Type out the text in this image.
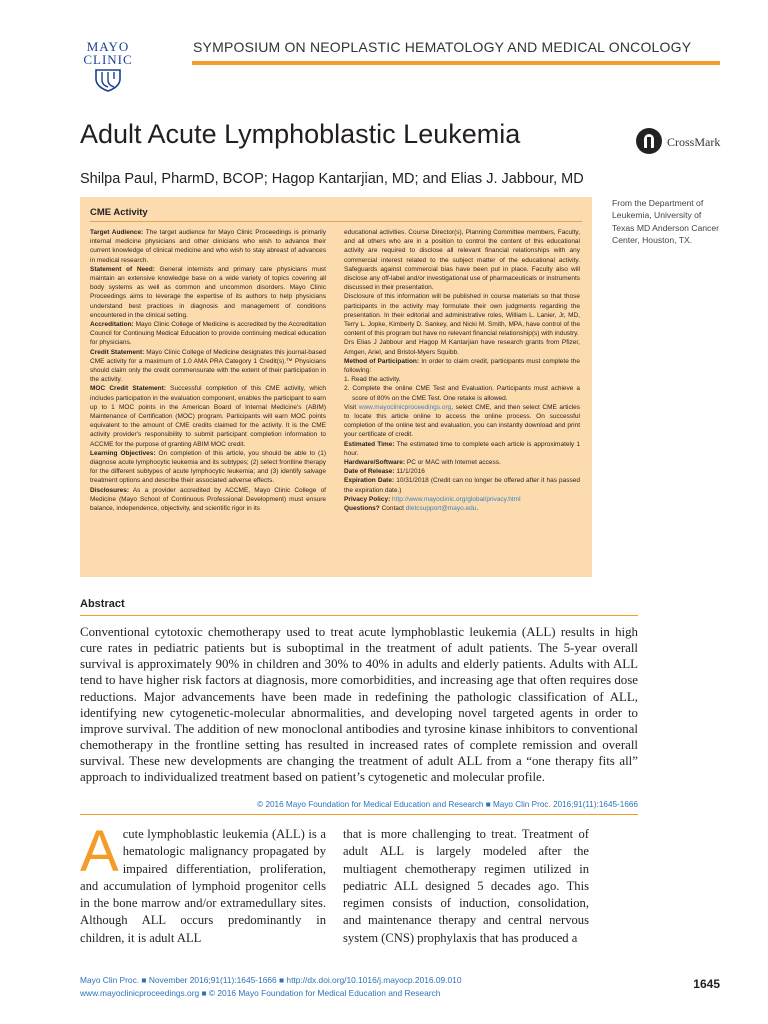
MAYO
CLINIC
SYMPOSIUM ON NEOPLASTIC HEMATOLOGY AND MEDICAL ONCOLOGY
Adult Acute Lymphoblastic Leukemia	CrossMark
Shilpa Paul, PharmD, BCOP; Hagop Kantarjian, MD; and Elias J. Jabbour, MD
From the Department of Leukemia, University of Texas MD Anderson Cancer Center, Houston, TX.
CME Activity

Target Audience: The target audience for Mayo Clinic Proceedings is primarily internal medicine physicians and other clinicians who wish to advance their current knowledge of clinical medicine and who wish to stay abreast of advances in medical research.

Statement of Need: General internists and primary care physicians must maintain an extensive knowledge base on a wide variety of topics covering all body systems as well as common and uncommon disorders. Mayo Clinic Proceedings aims to leverage the expertise of its authors to help physicians understand best practices in diagnosis and management of conditions encountered in the clinical setting.

Accreditation: Mayo Clinic College of Medicine is accredited by the Accreditation Council for Continuing Medical Education to provide continuing medical education for physicians.

Credit Statement: Mayo Clinic College of Medicine designates this journal-based CME activity for a maximum of 1.0 AMA PRA Category 1 Credit(s).™ Physicians should claim only the credit commensurate with the extent of their participation in the activity.

MOC Credit Statement: Successful completion of this CME activity, which includes participation in the evaluation component, enables the participant to earn up to 1 MOC points in the American Board of Internal Medicine's (ABIM) Maintenance of Certification (MOC) program. Participants will earn MOC points equivalent to the amount of CME credits claimed for the activity. It is the CME activity provider's responsibility to submit participant completion information to ACCME for the purpose of granting ABIM MOC credit.

Learning Objectives: On completion of this article, you should be able to (1) diagnose acute lymphocytic leukemia and its subtypes; (2) select frontline therapy for the different subtypes of acute lymphocytic leukemia; and (3) identify salvage treatment options and describe their associated adverse effects.

Disclosures: As a provider accredited by ACCME, Mayo Clinic College of Medicine (Mayo School of Continuous Professional Development) must ensure balance, independence, objectivity, and scientific rigor in its

educational activities. Course Director(s), Planning Committee members, Faculty, and all others who are in a position to control the content of this educational activity are required to disclose all relevant financial relationships with any commercial interest related to the subject matter of the educational activity. Safeguards against commercial bias have been put in place. Faculty also will disclose any off-label and/or investigational use of pharmaceuticals or instruments discussed in their presentation.

Disclosure of this information will be published in course materials so that those participants in the activity may formulate their own judgments regarding the presentation. In their editorial and administrative roles, William L. Lanier, Jr, MD, Terry L. Jopke, Kimberly D. Sankey, and Nicki M. Smith, MPA, have control of the content of this program but have no relevant financial relationship(s) with industry.

Drs Elias J Jabbour and Hagop M Kantarjian have research grants from Pfizer, Amgen, Ariel, and Bristol-Myers Squibb.

Method of Participation: In order to claim credit, participants must complete the following:

1. Read the activity.

2. Complete the online CME Test and Evaluation. Participants must achieve a score of 80% on the CME Test. One retake is allowed.

Visit www.mayoclinicproceedings.org, select CME, and then select CME articles to locate this article online to access the online process. On successful completion of the online test and evaluation, you can instantly download and print your certificate of credit.

Estimated Time: The estimated time to complete each article is approximately 1 hour.

Hardware/Software: PC or MAC with Internet access.

Date of Release: 11/1/2016

Expiration Date: 10/31/2018 (Credit can no longer be offered after it has passed the expiration date.)

Privacy Policy: http://www.mayoclinic.org/global/privacy.html

Questions? Contact dletcsupport@mayo.edu.

Abstract
Conventional cytotoxic chemotherapy used to treat acute lymphoblastic leukemia (ALL) results in high cure rates in pediatric patients but is suboptimal in the treatment of adult patients. The 5-year overall survival is approximately 90% in children and 30% to 40% in adults and elderly patients. Adults with ALL tend to have higher risk factors at diagnosis, more comorbidities, and increasing age that often requires dose reductions. Major advancements have been made in redefining the pathologic classification of ALL, identifying new cytogenetic-molecular abnormalities, and developing novel targeted agents in order to improve survival. The addition of new monoclonal antibodies and tyrosine kinase inhibitors to conventional chemotherapy in the frontline setting has resulted in increased rates of complete remission and overall survival. These new developments are changing the treatment of adult ALL from a “one therapy fits all” approach to individualized treatment based on patient’s cytogenetic and molecular profile.
© 2016 Mayo Foundation for Medical Education and Research ■ Mayo Clin Proc. 2016;91(11):1645-1666
Acute lymphoblastic leukemia (ALL) is a hematologic malignancy propagated by impaired differentiation, proliferation, and accumulation of lymphoid progenitor cells in the bone marrow and/or extramedullary sites. Although ALL occurs predominantly in children, it is adult ALL
that is more challenging to treat. Treatment of adult ALL is largely modeled after the multiagent chemotherapy regimen utilized in pediatric ALL designed 5 decades ago. This regimen consists of induction, consolidation, and maintenance therapy and central nervous system (CNS) prophylaxis that has produced a
Mayo Clin Proc. ■ November 2016;91(11):1645-1666 ■ http://dx.doi.org/10.1016/j.mayocp.2016.09.010
www.mayoclinicproceedings.org ■ © 2016 Mayo Foundation for Medical Education and Research
1645
